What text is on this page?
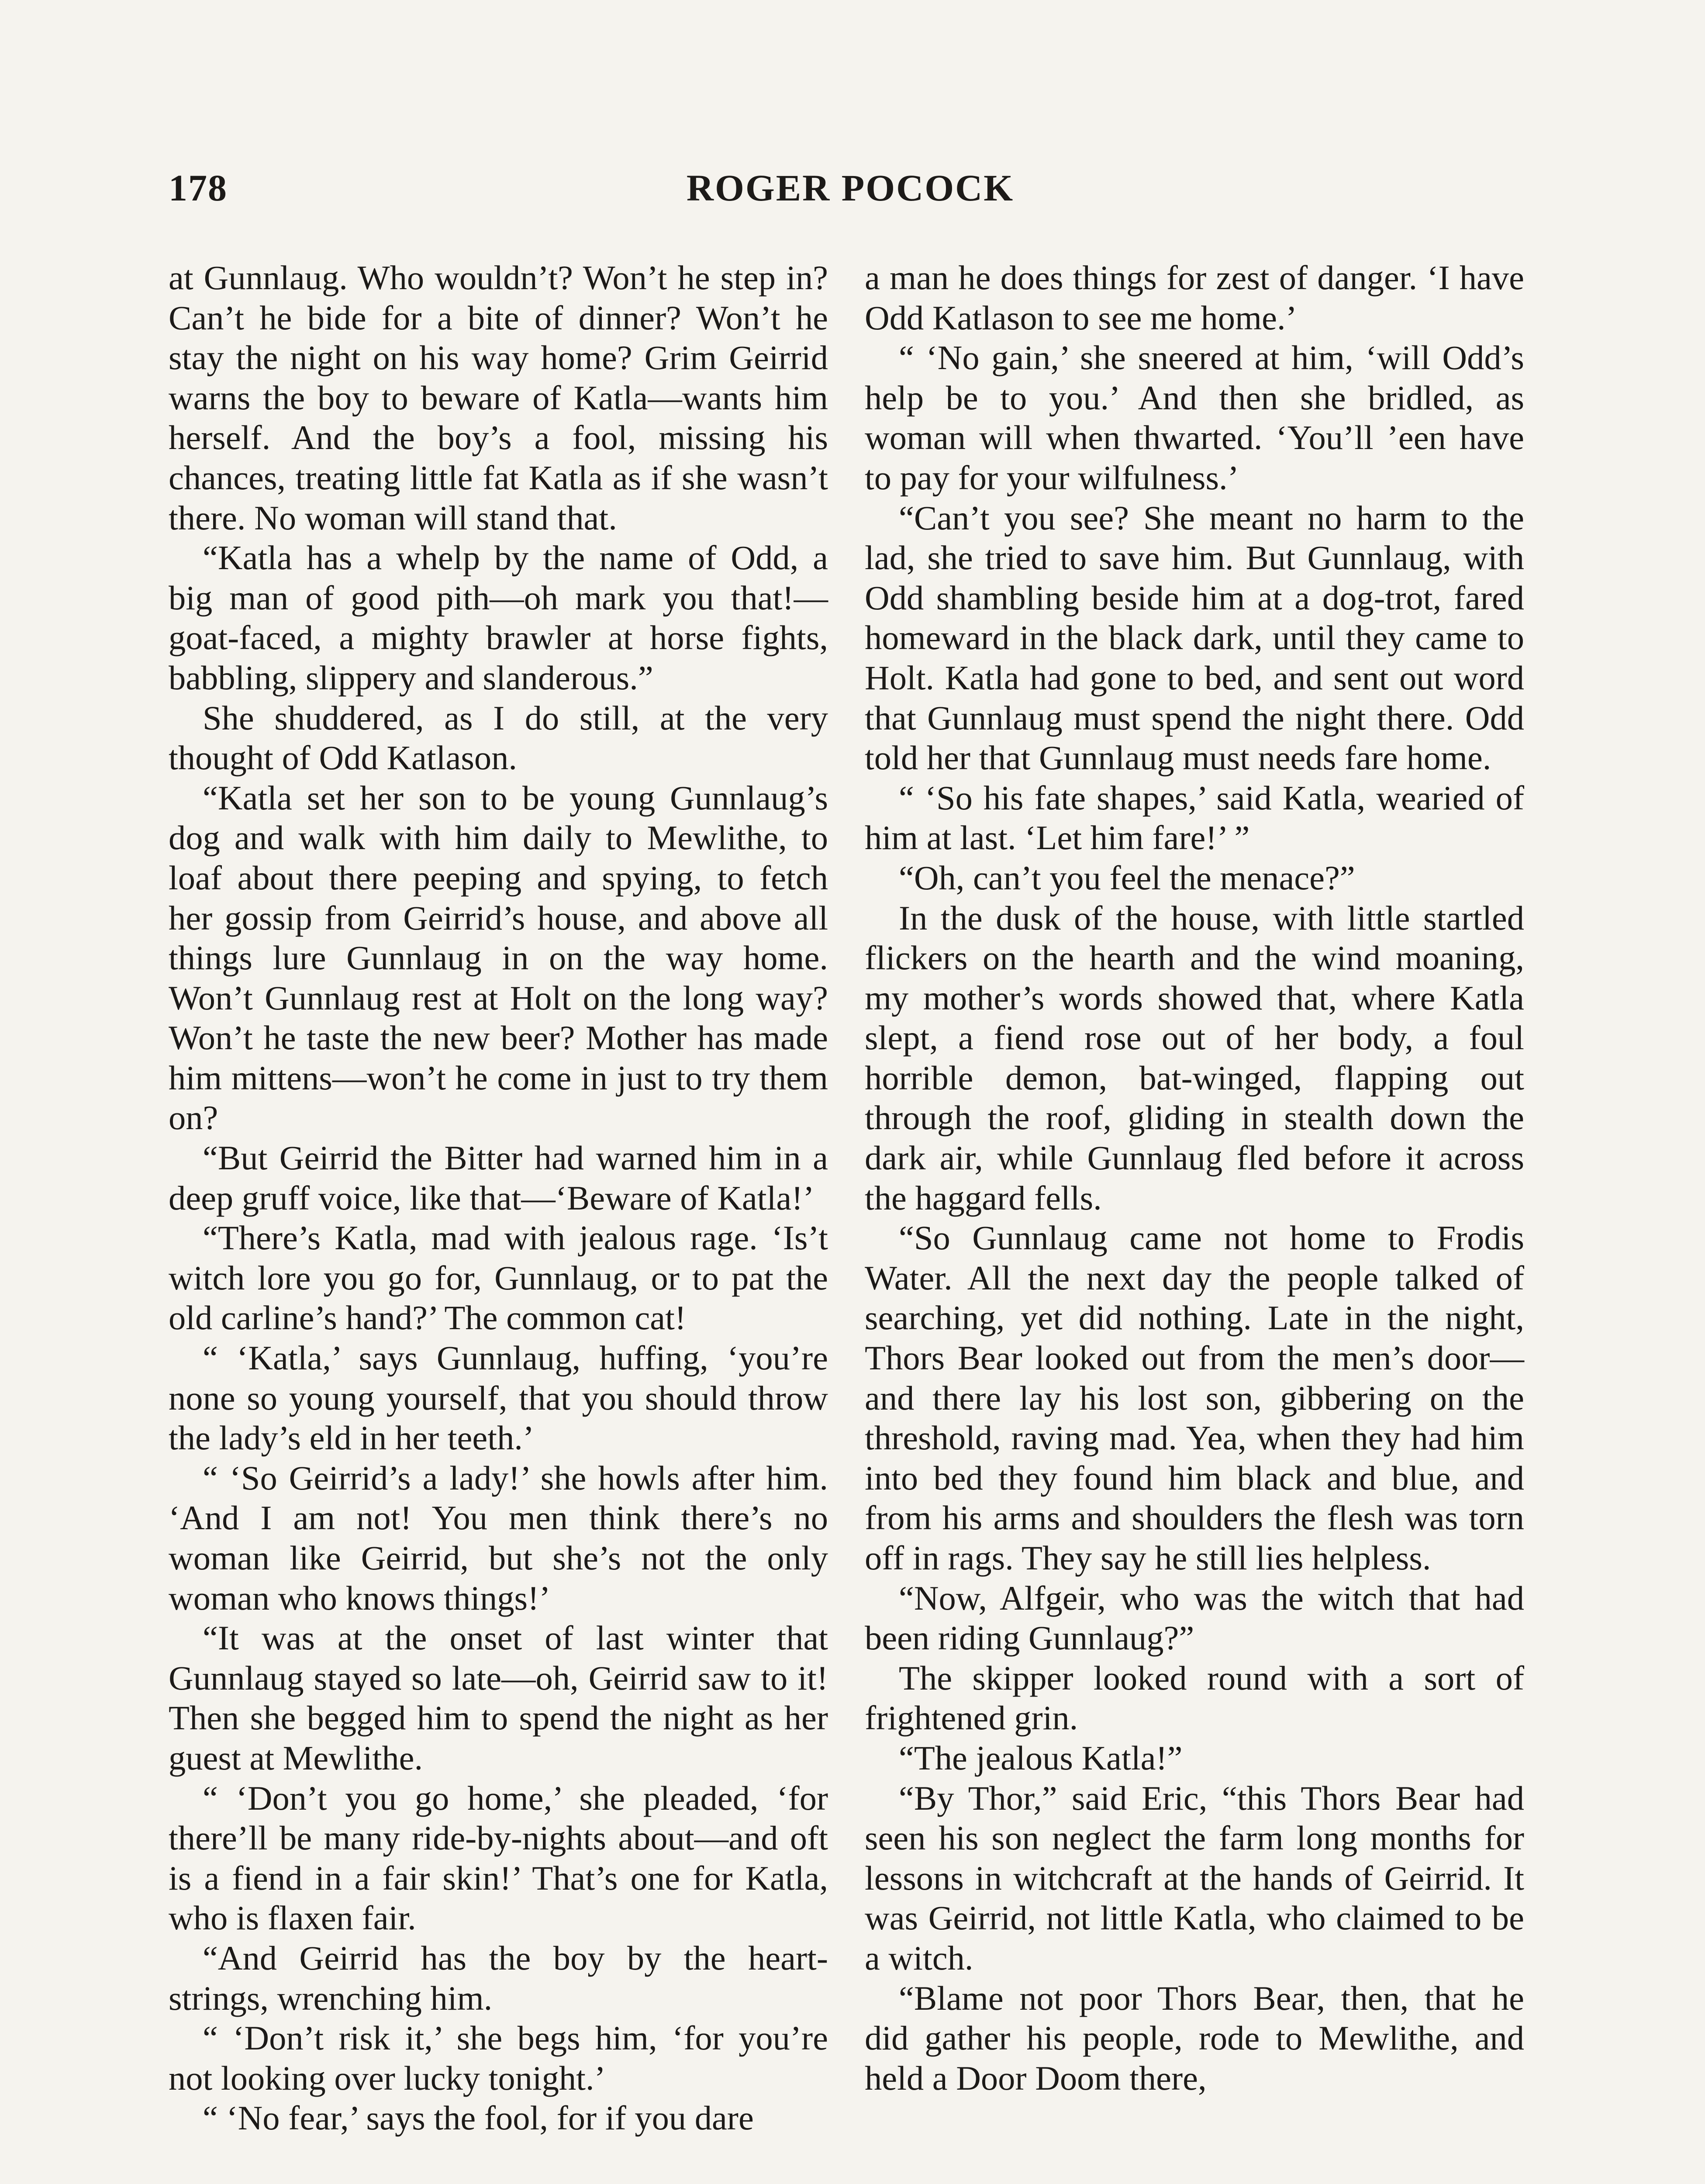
178	ROGER POCOCK

at Gunnlaug. Who wouldn’t? Won’t he step in? Can’t he bide for a bite of dinner? Won’t he stay the night on his way home? Grim Geirrid warns the boy to beware of Katla—wants him herself. And the boy’s a fool, missing his chances, treating little fat Katla as if she wasn’t there. No woman will stand that.

“Katla has a whelp by the name of Odd, a big man of good pith—oh mark you that!—goat-faced, a mighty brawler at horse fights, babbling, slippery and slanderous.”

She shuddered, as I do still, at the very thought of Odd Katlason.

“Katla set her son to be young Gunnlaug’s dog and walk with him daily to Mewlithe, to loaf about there peeping and spying, to fetch her gossip from Geirrid’s house, and above all things lure Gunnlaug in on the way home. Won’t Gunnlaug rest at Holt on the long way? Won’t he taste the new beer? Mother has made him mittens—won’t he come in just to try them on?

“But Geirrid the Bitter had warned him in a deep gruff voice, like that—‘Beware of Katla!’

“There’s Katla, mad with jealous rage. ‘Is’t witch lore you go for, Gunnlaug, or to pat the old carline’s hand?’ The common cat!

“ ‘Katla,’ says Gunnlaug, huffing, ‘you’re none so young yourself, that you should throw the lady’s eld in her teeth.’

“ ‘So Geirrid’s a lady!’ she howls after him. ‘And I am not! You men think there’s no woman like Geirrid, but she’s not the only woman who knows things!’

“It was at the onset of last winter that Gunnlaug stayed so late—oh, Geirrid saw to it! Then she begged him to spend the night as her guest at Mewlithe.

“ ‘Don’t you go home,’ she pleaded, ‘for there’ll be many ride-by-nights about—and oft is a fiend in a fair skin!’ That’s one for Katla, who is flaxen fair.

“And Geirrid has the boy by the heart-strings, wrenching him.

“ ‘Don’t risk it,’ she begs him, ‘for you’re not looking over lucky tonight.’

“ ‘No fear,’ says the fool, for if you dare

a man he does things for zest of danger. ‘I have Odd Katlason to see me home.’

“ ‘No gain,’ she sneered at him, ‘will Odd’s help be to you.’ And then she bridled, as woman will when thwarted. ‘You’ll ’een have to pay for your wilfulness.’

“Can’t you see? She meant no harm to the lad, she tried to save him. But Gunnlaug, with Odd shambling beside him at a dog-trot, fared homeward in the black dark, until they came to Holt. Katla had gone to bed, and sent out word that Gunnlaug must spend the night there. Odd told her that Gunnlaug must needs fare home.

“ ‘So his fate shapes,’ said Katla, wearied of him at last. ‘Let him fare!’ ”

“Oh, can’t you feel the menace?”

In the dusk of the house, with little startled flickers on the hearth and the wind moaning, my mother’s words showed that, where Katla slept, a fiend rose out of her body, a foul horrible demon, bat-winged, flapping out through the roof, gliding in stealth down the dark air, while Gunnlaug fled before it across the haggard fells.

“So Gunnlaug came not home to Frodis Water. All the next day the people talked of searching, yet did nothing. Late in the night, Thors Bear looked out from the men’s door—and there lay his lost son, gibbering on the threshold, raving mad. Yea, when they had him into bed they found him black and blue, and from his arms and shoulders the flesh was torn off in rags. They say he still lies helpless.

“Now, Alfgeir, who was the witch that had been riding Gunnlaug?”

The skipper looked round with a sort of frightened grin.

“The jealous Katla!”

“By Thor,” said Eric, “this Thors Bear had seen his son neglect the farm long months for lessons in witchcraft at the hands of Geirrid. It was Geirrid, not little Katla, who claimed to be a witch.

“Blame not poor Thors Bear, then, that he did gather his people, rode to Mewlithe, and held a Door Doom there,
